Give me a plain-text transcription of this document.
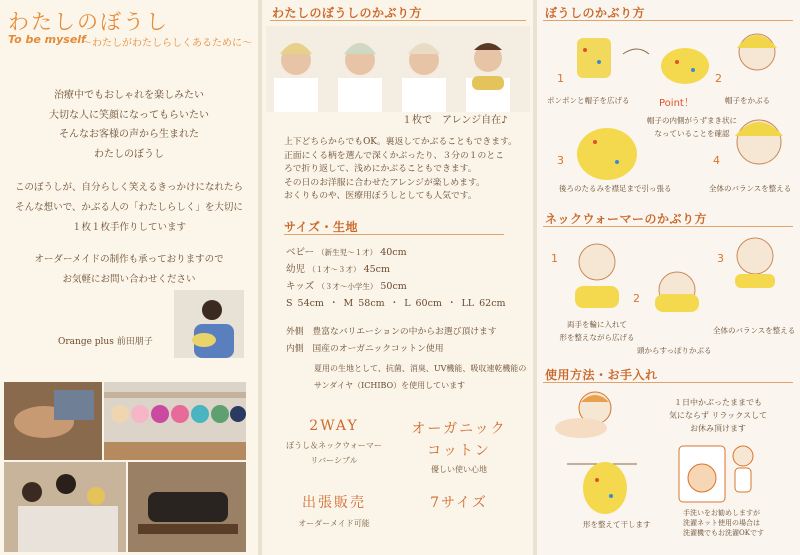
わたしのぼうし
To be myself
〜わたしがわたしらしくあるために〜
治療中でもおしゃれを楽しみたい
大切な人に笑顔になってもらいたい
そんなお客様の声から生まれた
わたしのぼうし
このぼうしが、自分らしく笑えるきっかけになれたら
そんな想いで、かぶる人の「わたしらしく」を大切に
１枚１枚手作りしています
オーダーメイドの制作も承っておりますので
お気軽にお問い合わせください
Orange plus 前田朋子
わたしのぼうしのかぶり方
１枚で　アレンジ自在♪
上下どちらからでもOK。裏返してかぶることもできます。
正面にくる柄を選んで深くかぶったり、３分の１のとこ
ろで折り返して、浅めにかぶることもできます。
その日のお洋服に合わせたアレンジが楽しめます。
おくりものや、医療用ぼうしとしても人気です。
サイズ・生地
ベビー （新生児〜１才） 40cm
幼児 （１才〜３才） 45cm
キッズ （３才〜小学生） 50cm
S 54cm ・ M 58cm ・ L 60cm ・ LL 62cm
外側　 豊富なバリエーションの中からお選び頂けます
内側　 国産のオーガニックコットン使用
夏用の生地として、抗菌、消臭、UV機能、吸収速乾機能の
サンダイヤ（ICHIBO）を使用しています
2WAY
ぼうし＆ネックウォーマー
リバーシブル
オーガニック
コットン
優しい使い心地
出張販売
オーダーメイド可能
7サイズ
ぼうしのかぶり方
1	2
3	4
ポンポンと帽子を広げる	Point！	帽子をかぶる
帽子の内側がうずまき状に
なっていることを確認
後ろのたるみを襟足まで引っ張る	全体のバランスを整える
ネックウォーマーのかぶり方
1
2
3
両手を輪に入れて
形を整えながら広げる
頭からすっぽりかぶる
全体のバランスを整える
使用方法・お手入れ
１日中かぶったままでも
気にならず リラックスして
お休み頂けます
形を整えて干します
手洗いをお勧めしますが
洗濯ネット使用の場合は
洗濯機でもお洗濯OKです
